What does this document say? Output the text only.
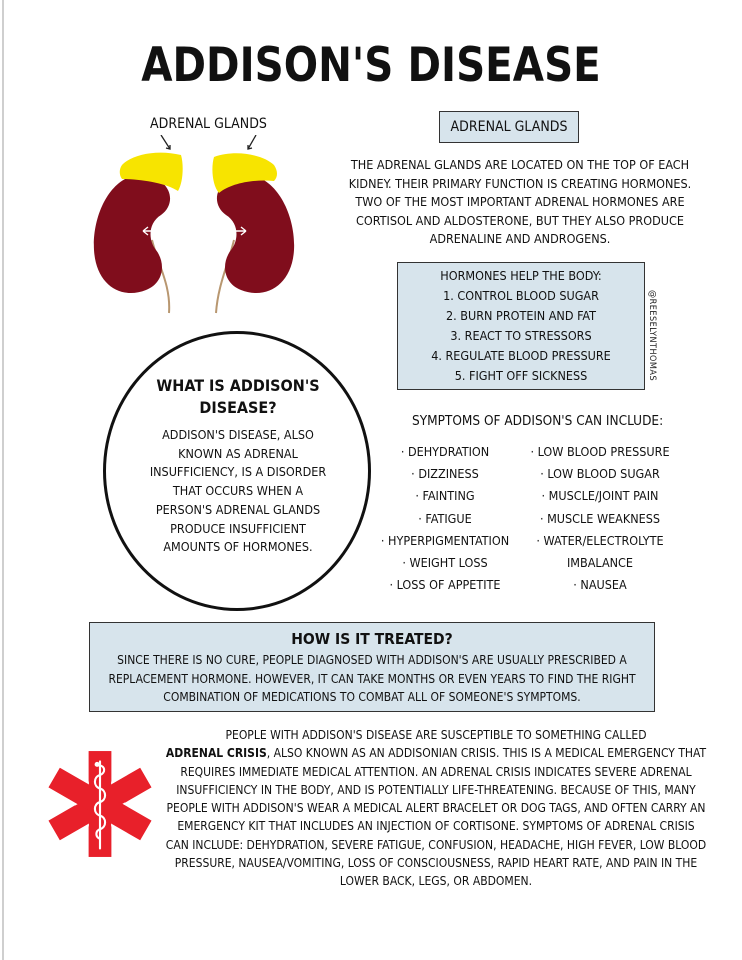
ADDISON'S DISEASE
ADRENAL GLANDS
KIDNEYS
ADRENAL GLANDS
THE ADRENAL GLANDS ARE LOCATED ON THE TOP OF EACH
KIDNEY. THEIR PRIMARY FUNCTION IS CREATING HORMONES.
TWO OF THE MOST IMPORTANT ADRENAL HORMONES ARE
CORTISOL AND ALDOSTERONE, BUT THEY ALSO PRODUCE
ADRENALINE AND ANDROGENS.
HORMONES HELP THE BODY:
1. CONTROL BLOOD SUGAR
2. BURN PROTEIN AND FAT
3. REACT TO STRESSORS
4. REGULATE BLOOD PRESSURE
5. FIGHT OFF SICKNESS	@REESELYNTHOMAS
WHAT IS ADDISON'S
DISEASE?
ADDISON'S DISEASE, ALSO
KNOWN AS ADRENAL
INSUFFICIENCY, IS A DISORDER
THAT OCCURS WHEN A
PERSON'S ADRENAL GLANDS
PRODUCE INSUFFICIENT
AMOUNTS OF HORMONES.
SYMPTOMS OF ADDISON'S CAN INCLUDE:
· DEHYDRATION
· DIZZINESS
· FAINTING
· FATIGUE
· HYPERPIGMENTATION
· WEIGHT LOSS
· LOSS OF APPETITE
· LOW BLOOD PRESSURE
· LOW BLOOD SUGAR
· MUSCLE/JOINT PAIN
· MUSCLE WEAKNESS
· WATER/ELECTROLYTE
IMBALANCE
· NAUSEA
HOW IS IT TREATED?
SINCE THERE IS NO CURE, PEOPLE DIAGNOSED WITH ADDISON'S ARE USUALLY PRESCRIBED A
REPLACEMENT HORMONE. HOWEVER, IT CAN TAKE MONTHS OR EVEN YEARS TO FIND THE RIGHT
COMBINATION OF MEDICATIONS TO COMBAT ALL OF SOMEONE'S SYMPTOMS.
PEOPLE WITH ADDISON'S DISEASE ARE SUSCEPTIBLE TO SOMETHING CALLED
ADRENAL CRISIS, ALSO KNOWN AS AN ADDISONIAN CRISIS. THIS IS A MEDICAL EMERGENCY THAT
REQUIRES IMMEDIATE MEDICAL ATTENTION. AN ADRENAL CRISIS INDICATES SEVERE ADRENAL
INSUFFICIENCY IN THE BODY, AND IS POTENTIALLY LIFE-THREATENING. BECAUSE OF THIS, MANY
PEOPLE WITH ADDISON'S WEAR A MEDICAL ALERT BRACELET OR DOG TAGS, AND OFTEN CARRY AN
EMERGENCY KIT THAT INCLUDES AN INJECTION OF CORTISONE. SYMPTOMS OF ADRENAL CRISIS
CAN INCLUDE: DEHYDRATION, SEVERE FATIGUE, CONFUSION, HEADACHE, HIGH FEVER, LOW BLOOD
PRESSURE, NAUSEA/VOMITING, LOSS OF CONSCIOUSNESS, RAPID HEART RATE, AND PAIN IN THE
LOWER BACK, LEGS, OR ABDOMEN.
